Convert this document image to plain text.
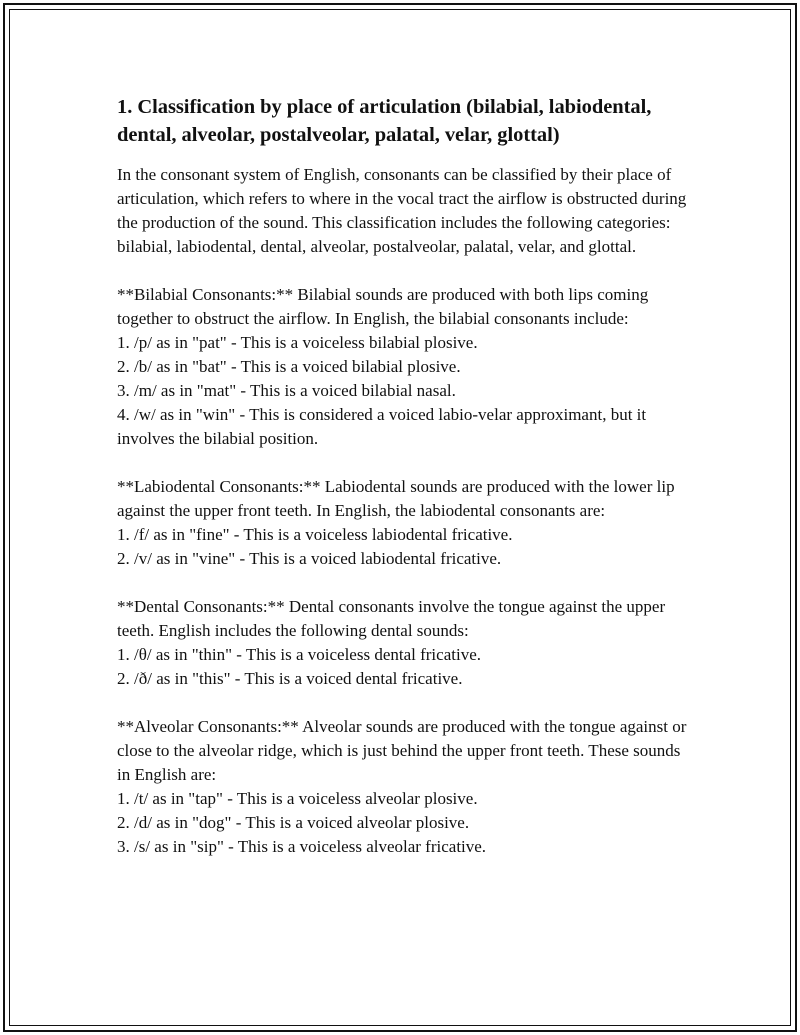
1. Classification by place of articulation (bilabial, labiodental, dental, alveolar, postalveolar, palatal, velar, glottal)

In the consonant system of English, consonants can be classified by their place of articulation, which refers to where in the vocal tract the airflow is obstructed during the production of the sound. This classification includes the following categories: bilabial, labiodental, dental, alveolar, postalveolar, palatal, velar, and glottal.

**Bilabial Consonants:** Bilabial sounds are produced with both lips coming together to obstruct the airflow. In English, the bilabial consonants include:

1. /p/ as in "pat" - This is a voiceless bilabial plosive.
2. /b/ as in "bat" - This is a voiced bilabial plosive.
3. /m/ as in "mat" - This is a voiced bilabial nasal.
4. /w/ as in "win" - This is considered a voiced labio-velar approximant, but it involves the bilabial position.

**Labiodental Consonants:** Labiodental sounds are produced with the lower lip against the upper front teeth. In English, the labiodental consonants are:

1. /f/ as in "fine" - This is a voiceless labiodental fricative.
2. /v/ as in "vine" - This is a voiced labiodental fricative.

**Dental Consonants:** Dental consonants involve the tongue against the upper teeth. English includes the following dental sounds:

1. /θ/ as in "thin" - This is a voiceless dental fricative.
2. /ð/ as in "this" - This is a voiced dental fricative.

**Alveolar Consonants:** Alveolar sounds are produced with the tongue against or close to the alveolar ridge, which is just behind the upper front teeth. These sounds in English are:

1. /t/ as in "tap" - This is a voiceless alveolar plosive.
2. /d/ as in "dog" - This is a voiced alveolar plosive.
3. /s/ as in "sip" - This is a voiceless alveolar fricative.
